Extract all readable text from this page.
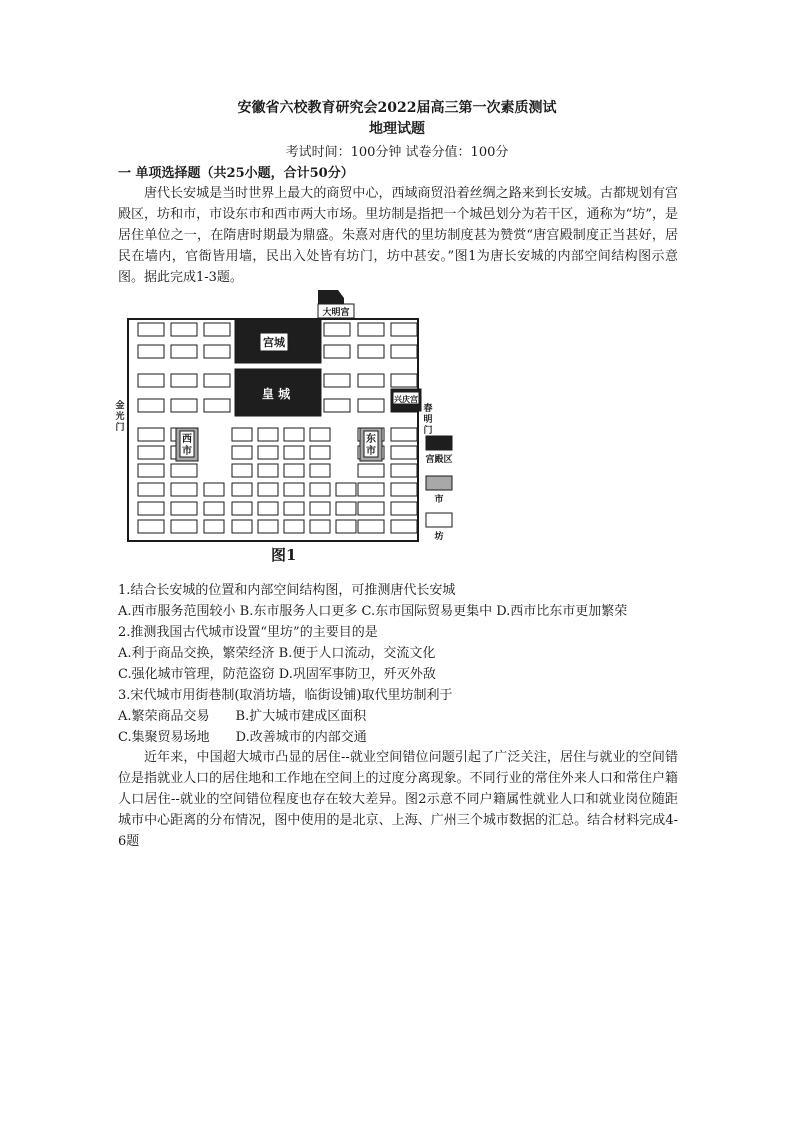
安徽省六校教育研究会2022届高三第一次素质测试
地理试题
考试时间：100分钟 试卷分值：100分
一 单项选择题（共25小题，合计50分）
唐代长安城是当时世界上最大的商贸中心，西域商贸沿着丝绸之路来到长安城。古都规划有宫殿区，坊和市，市设东市和西市两大市场。里坊制是指把一个城邑划分为若干区，通称为“坊”，是居住单位之一，在隋唐时期最为鼎盛。朱熹对唐代的里坊制度甚为赞赏“唐宫殿制度正当甚好，居民在墙内，官衙皆用墙，民出入处皆有坊门，坊中甚安。”图1为唐长安城的内部空间结构图示意图。据此完成1-3题。
大明宫
宫城
皇 城
西
市
东
市
兴庆宫
金
光
门
春
明
门
宫殿区
市
坊
图1
1.结合长安城的位置和内部空间结构图，可推测唐代长安城
A.西市服务范围较小 B.东市服务人口更多 C.东市国际贸易更集中 D.西市比东市更加繁荣
2.推测我国古代城市设置“里坊”的主要目的是
A.利于商品交换，繁荣经济 B.便于人口流动，交流文化
C.强化城市管理，防范盗窃 D.巩固军事防卫，歼灭外敌
3.宋代城市用街巷制(取消坊墙，临街设铺)取代里坊制利于
A.繁荣商品交易　　B.扩大城市建成区面积
C.集聚贸易场地　　D.改善城市的内部交通
近年来，中国超大城市凸显的居住--就业空间错位问题引起了广泛关注，居住与就业的空间错位是指就业人口的居住地和工作地在空间上的过度分离现象。不同行业的常住外来人口和常住户籍人口居住--就业的空间错位程度也存在较大差异。图2示意不同户籍属性就业人口和就业岗位随距城市中心距离的分布情况，图中使用的是北京、上海、广州三个城市数据的汇总。结合材料完成4-6题
